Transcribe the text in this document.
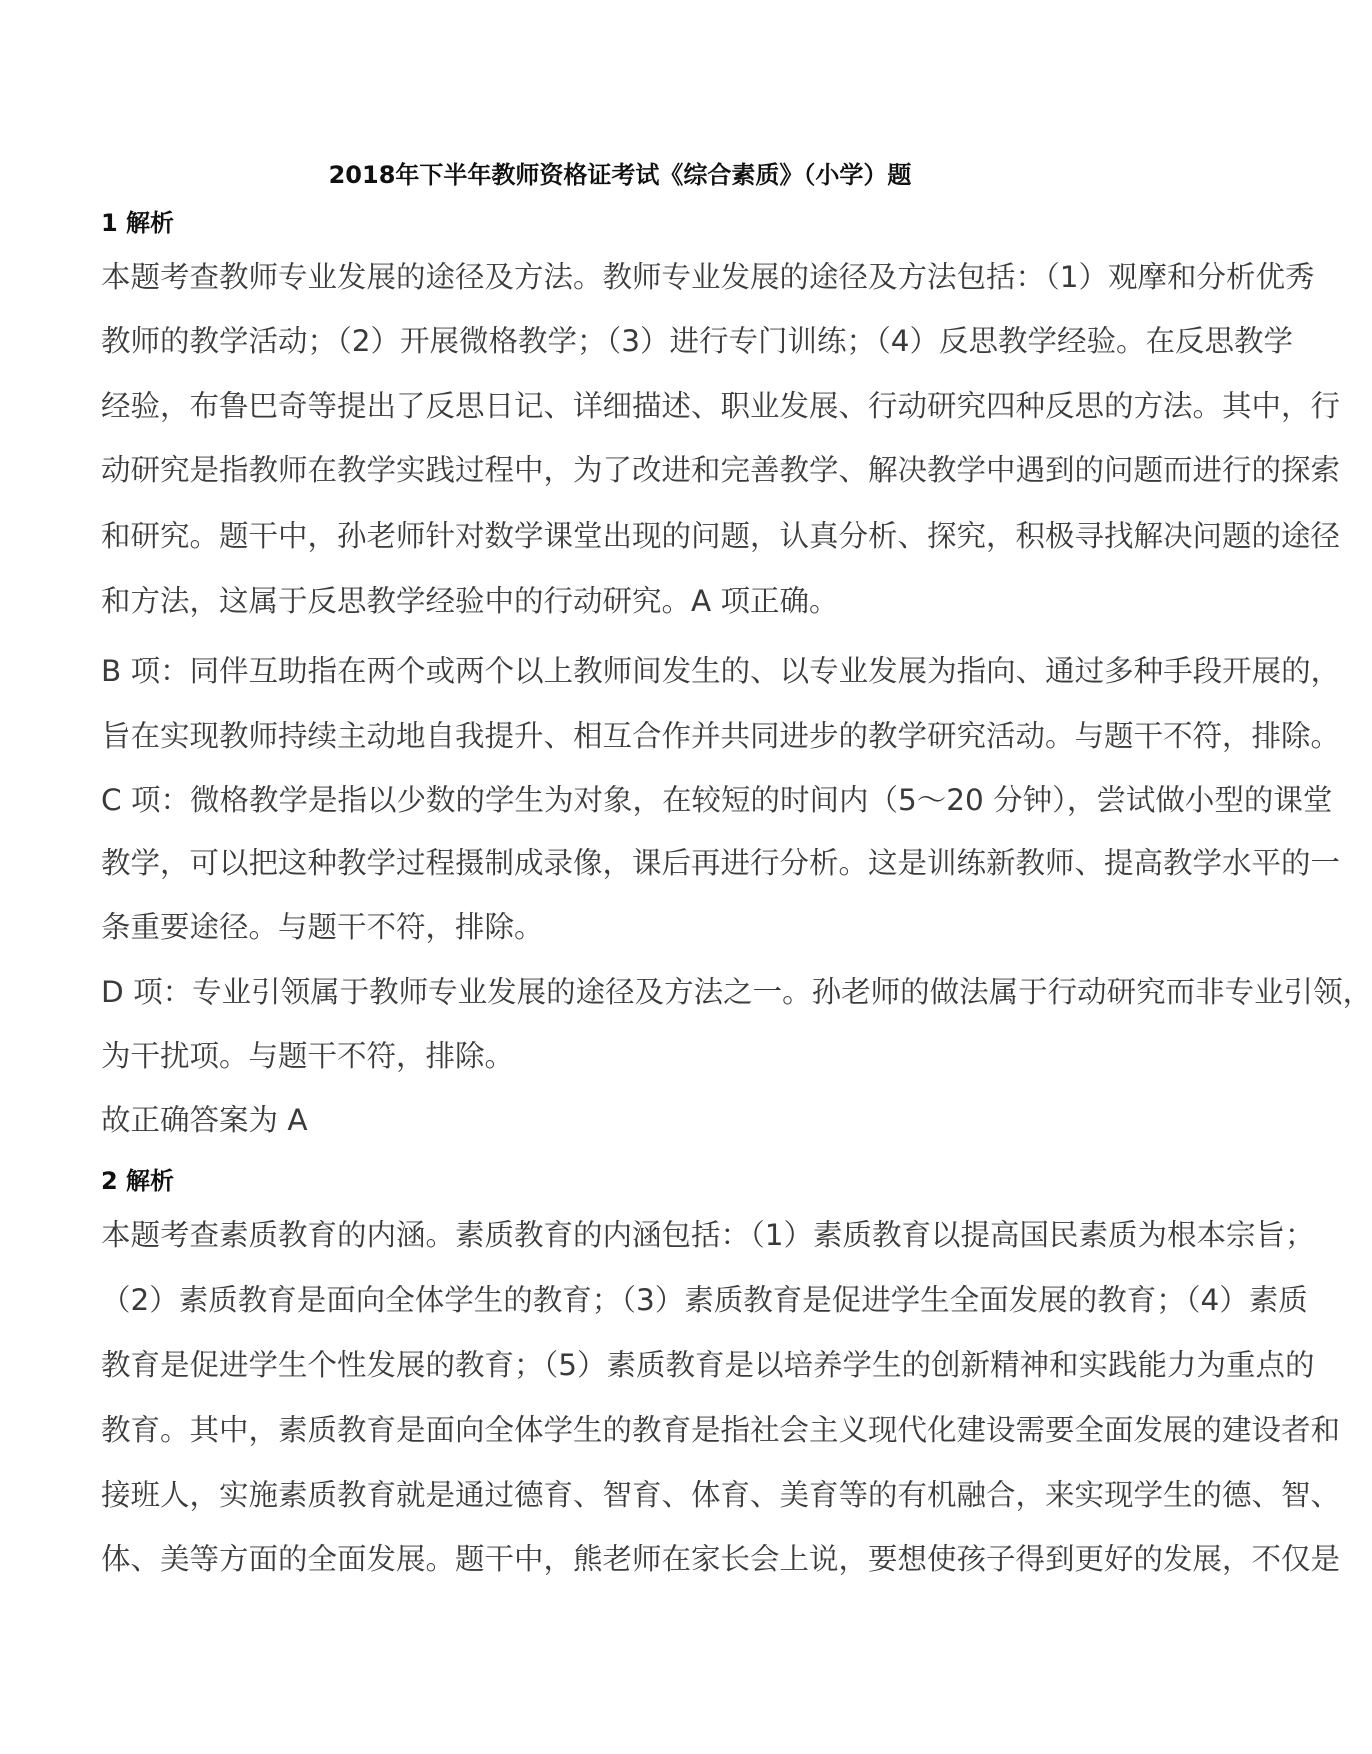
2018年下半年教师资格证考试《综合素质》（小学）题
1 解析
本题考查教师专业发展的途径及方法。教师专业发展的途径及方法包括：（1）观摩和分析优秀
教师的教学活动；（2）开展微格教学；（3）进行专门训练；（4）反思教学经验。在反思教学
经验，布鲁巴奇等提出了反思日记、详细描述、职业发展、行动研究四种反思的方法。其中，行
动研究是指教师在教学实践过程中，为了改进和完善教学、解决教学中遇到的问题而进行的探索
和研究。题干中，孙老师针对数学课堂出现的问题，认真分析、探究，积极寻找解决问题的途径
和方法，这属于反思教学经验中的行动研究。A 项正确。
B 项：同伴互助指在两个或两个以上教师间发生的、以专业发展为指向、通过多种手段开展的，
旨在实现教师持续主动地自我提升、相互合作并共同进步的教学研究活动。与题干不符，排除。
C 项：微格教学是指以少数的学生为对象，在较短的时间内（5～20 分钟），尝试做小型的课堂
教学，可以把这种教学过程摄制成录像，课后再进行分析。这是训练新教师、提高教学水平的一
条重要途径。与题干不符，排除。
D 项：专业引领属于教师专业发展的途径及方法之一。孙老师的做法属于行动研究而非专业引领，
为干扰项。与题干不符，排除。
故正确答案为 A
2 解析
本题考查素质教育的内涵。素质教育的内涵包括：（1）素质教育以提高国民素质为根本宗旨；
（2）素质教育是面向全体学生的教育；（3）素质教育是促进学生全面发展的教育；（4）素质
教育是促进学生个性发展的教育；（5）素质教育是以培养学生的创新精神和实践能力为重点的
教育。其中，素质教育是面向全体学生的教育是指社会主义现代化建设需要全面发展的建设者和
接班人，实施素质教育就是通过德育、智育、体育、美育等的有机融合，来实现学生的德、智、
体、美等方面的全面发展。题干中，熊老师在家长会上说，要想使孩子得到更好的发展，不仅是
